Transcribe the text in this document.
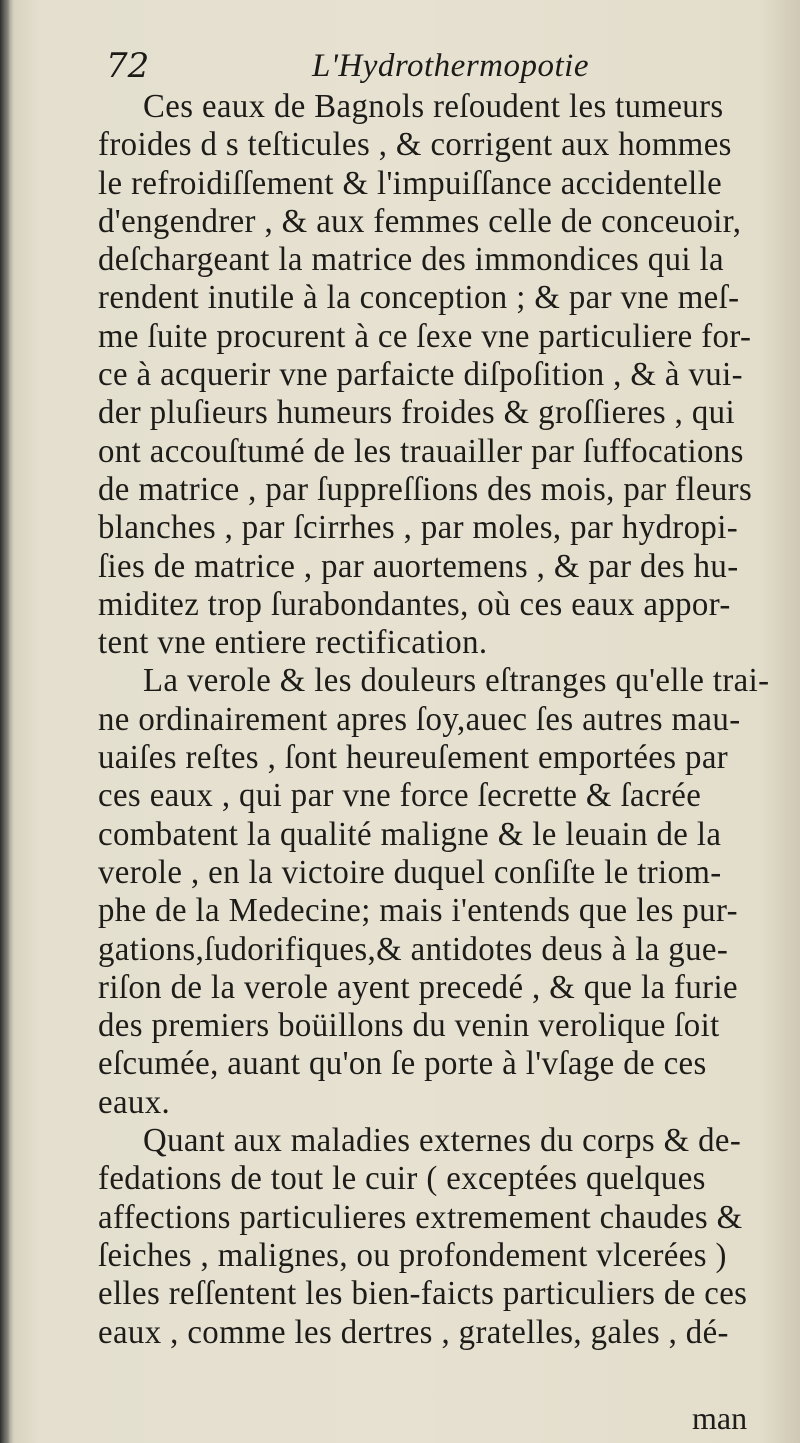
72	L'Hydrothermopotie
Ces eaux de Bagnols reſoudent les tumeurs
froides d s teſticules , & corrigent aux hommes
le refroidiſſement & l'impuiſſance accidentelle
d'engendrer , & aux femmes celle de conceuoir,
deſchargeant la matrice des immondices qui la
rendent inutile à la conception ; & par vne meſ-
me ſuite procurent à ce ſexe vne particuliere for-
ce à acquerir vne parfaicte diſpoſition , & à vui-
der pluſieurs humeurs froides & groſſieres , qui
ont accouſtumé de les trauailler par ſuffocations
de matrice , par ſuppreſſions des mois, par fleurs
blanches , par ſcirrhes , par moles, par hydropi-
ſies de matrice , par auortemens , & par des hu-
miditez trop ſurabondantes, où ces eaux appor-
tent vne entiere rectification.
La verole & les douleurs eſtranges qu'elle trai-
ne ordinairement apres ſoy,auec ſes autres mau-
uaiſes reſtes , ſont heureuſement emportées par
ces eaux , qui par vne force ſecrette & ſacrée
combatent la qualité maligne & le leuain de la
verole , en la victoire duquel conſiſte le triom-
phe de la Medecine; mais i'entends que les pur-
gations,ſudorifiques,& antidotes deus à la gue-
riſon de la verole ayent precedé , & que la furie
des premiers boüillons du venin verolique ſoit
eſcumée, auant qu'on ſe porte à l'vſage de ces
eaux.
Quant aux maladies externes du corps & de-
fedations de tout le cuir ( exceptées quelques
affections particulieres extremement chaudes &
ſeiches , malignes, ou profondement vlcerées )
elles reſſentent les bien-faicts particuliers de ces
eaux , comme les dertres , gratelles, gales , dé-
man
